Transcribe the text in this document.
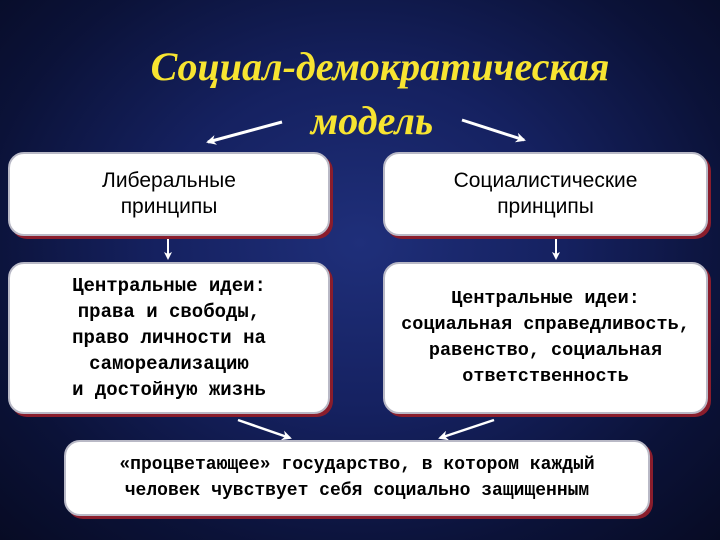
Социал-демократическая
модель
Либеральные
принципы
Социалистические
принципы
Центральные идеи:
права и свободы,
право личности на
самореализацию
и достойную жизнь
Центральные идеи:
социальная справедливость,
равенство, социальная
ответственность
«процветающее» государство, в котором каждый
человек чувствует себя социально защищенным
